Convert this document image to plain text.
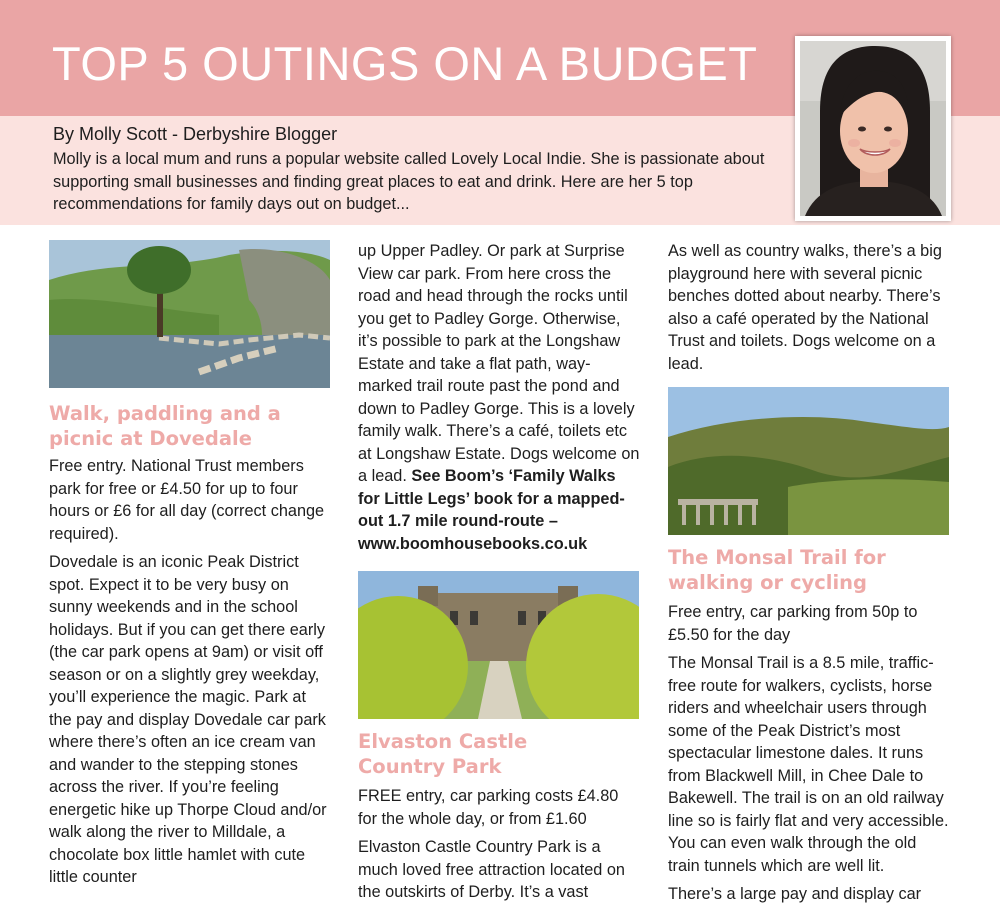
TOP 5 OUTINGS ON A BUDGET

By Molly Scott - Derbyshire Blogger

Molly is a local mum and runs a popular website called Lovely Local Indie. She is passionate about supporting small businesses and finding great places to eat and drink. Here are her 5 top recommendations for family days out on budget...

Walk, paddling and a
picnic at Dovedale

Free entry. National Trust members park for free or £4.50 for up to four hours or £6 for all day (correct change required).

Dovedale is an iconic Peak District spot. Expect it to be very busy on sunny weekends and in the school holidays. But if you can get there early (the car park opens at 9am) or visit off season or on a slightly grey weekday, you’ll experience the magic. Park at the pay and display Dovedale car park where there’s often an ice cream van and wander to the stepping stones across the river. If you’re feeling energetic hike up Thorpe Cloud and/or walk along the river to Milldale, a chocolate box little hamlet with cute little counter

up Upper Padley. Or park at Surprise View car park. From here cross the road and head through the rocks until you get to Padley Gorge. Otherwise, it’s possible to park at the Longshaw Estate and take a flat path, way-marked trail route past the pond and down to Padley Gorge. This is a lovely family walk. There’s a café, toilets etc at Longshaw Estate. Dogs welcome on a lead. See Boom’s ‘Family Walks for Little Legs’ book for a mapped-out 1.7 mile round-route – www.boomhousebooks.co.uk

Elvaston Castle
Country Park

FREE entry, car parking costs £4.80 for the whole day, or from £1.60

Elvaston Castle Country Park is a much loved free attraction located on the outskirts of Derby. It’s a vast

As well as country walks, there’s a big playground here with several picnic benches dotted about nearby. There’s also a café operated by the National Trust and toilets. Dogs welcome on a lead.

The Monsal Trail for
walking or cycling

Free entry, car parking from 50p to £5.50 for the day

The Monsal Trail is a 8.5 mile, traffic-free route for walkers, cyclists, horse riders and wheelchair users through some of the Peak District’s most spectacular limestone dales. It runs from Blackwell Mill, in Chee Dale to Bakewell. The trail is on an old railway line so is fairly flat and very accessible. You can even walk through the old train tunnels which are well lit.

There’s a large pay and display car
